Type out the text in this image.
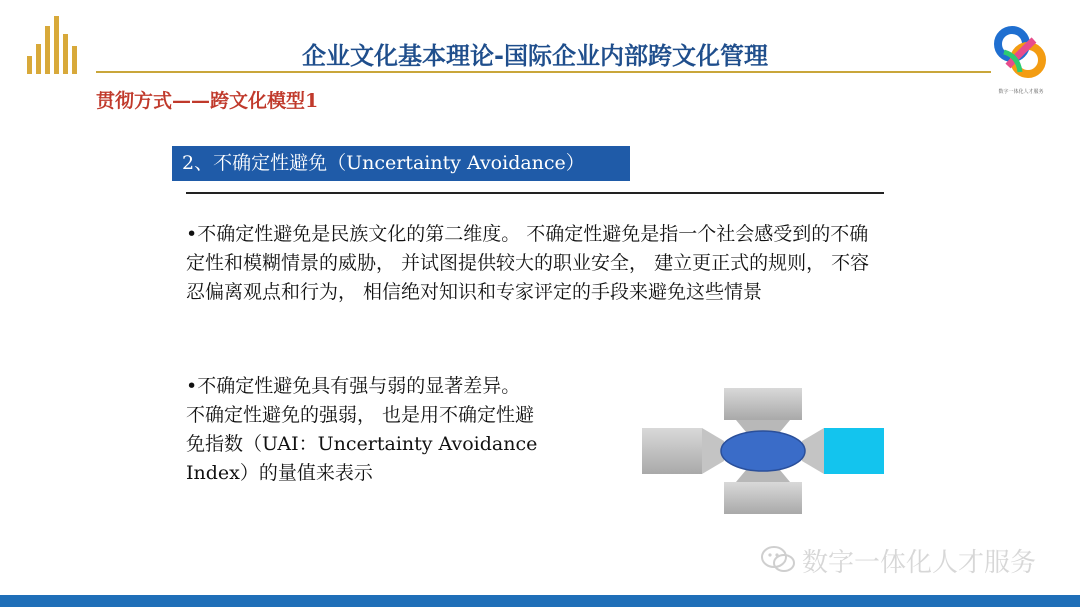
企业文化基本理论-国际企业内部跨文化管理
数字一体化人才服务
贯彻方式——跨文化模型1
2、不确定性避免（Uncertainty Avoidance）
•不确定性避免是民族文化的第二维度。 不确定性避免是指一个社会感受到的不确定性和模糊情景的威胁， 并试图提供较大的职业安全， 建立更正式的规则， 不容忍偏离观点和行为， 相信绝对知识和专家评定的手段来避免这些情景
•不确定性避免具有强与弱的显著差异。
不确定性避免的强弱， 也是用不确定性避
免指数（UAI：Uncertainty Avoidance
Index）的量值来表示
数字一体化人才服务
